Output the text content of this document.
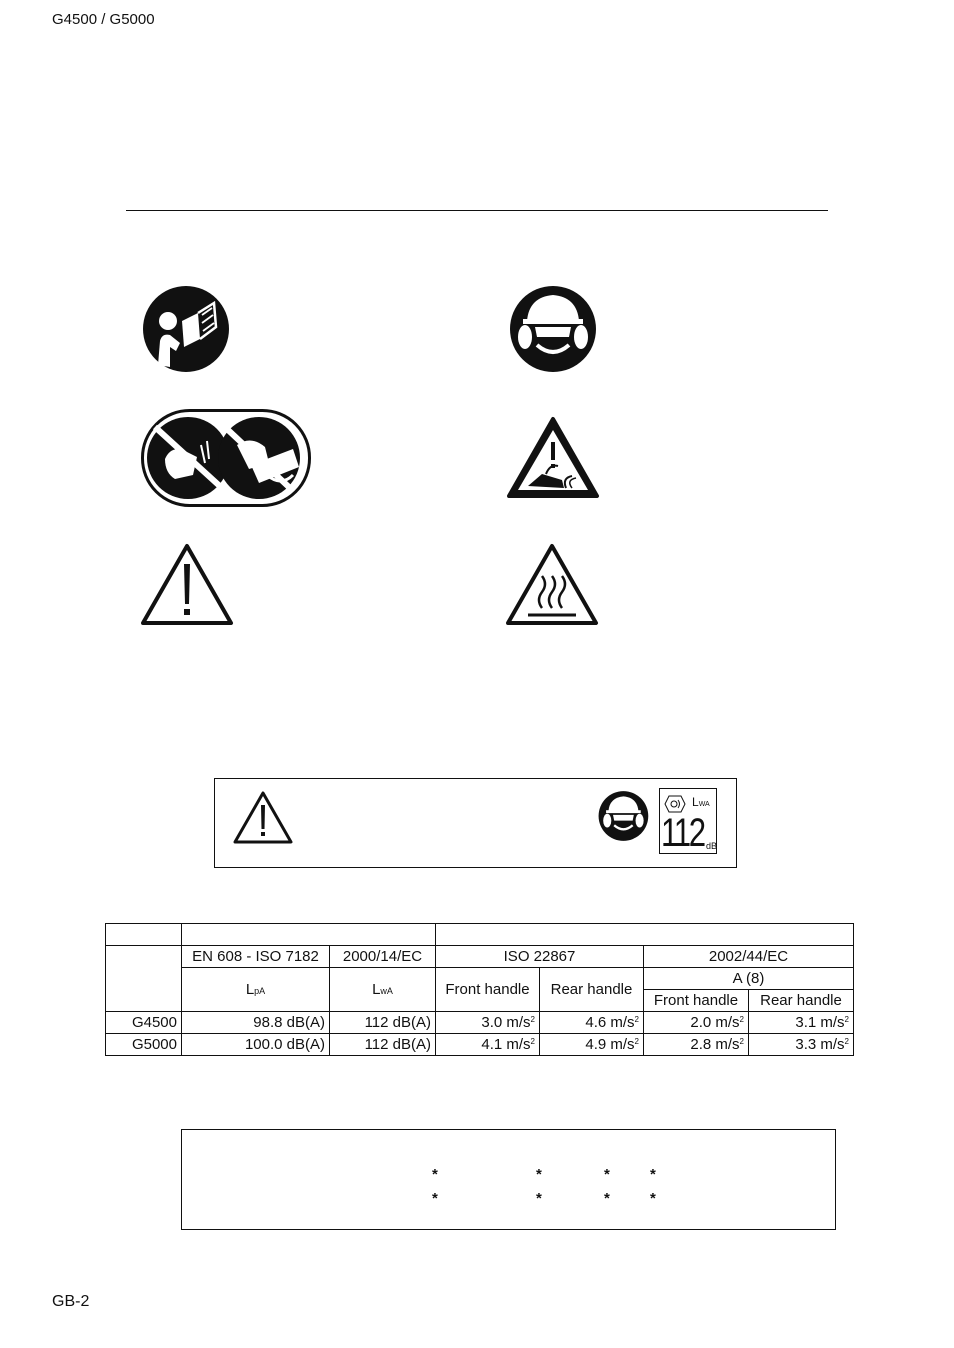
G4500 / G5000
LWA
112 dB

	EN 608 - ISO 7182	2000/14/EC	ISO 22867		2002/44/EC	
	LpA	LwA	Front handle	Rear handle	A (8)	
					Front handle	Rear handle
G4500	98.8 dB(A)	112 dB(A)	3.0 $m/s^2$	4.6 $m/s^2$	2.0 $m/s^2$	3.1 $m/s^2$
G5000	100.0 dB(A)	112 dB(A)	4.1 $m/s^2$	4.9 $m/s^2$	2.8 $m/s^2$	3.3 $m/s^2$
*	*	*	*
*	*	*	*
GB-2
